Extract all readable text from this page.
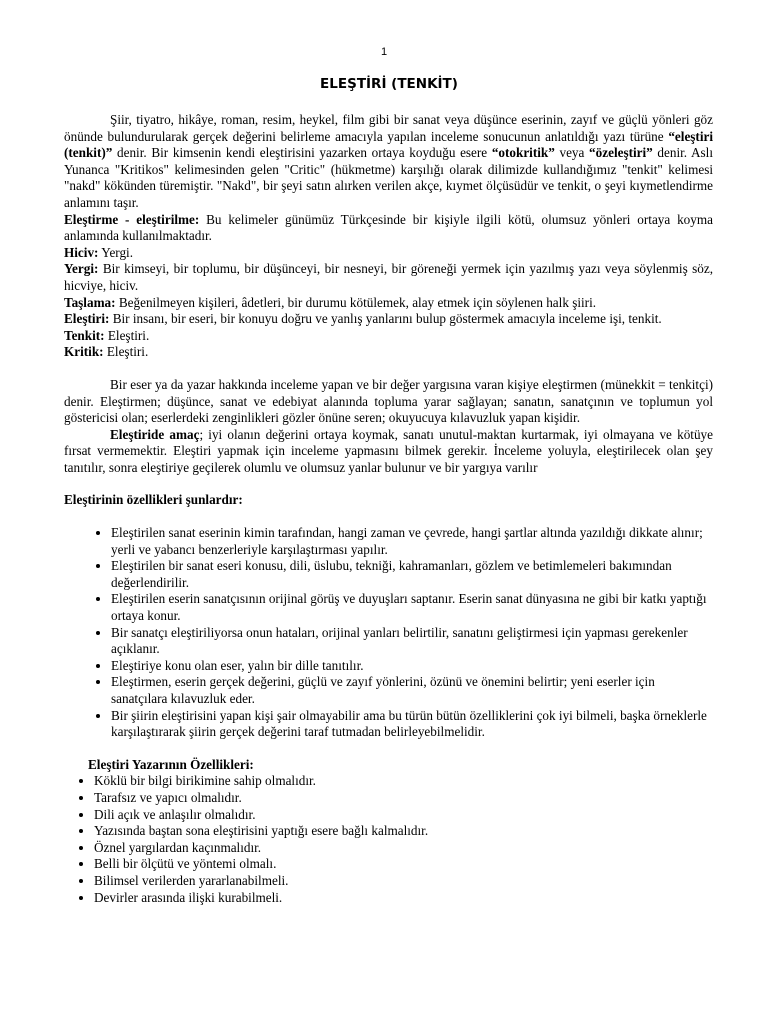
1
ELEŞTİRİ (TENKİT)

Şiir, tiyatro, hikâye, roman, resim, heykel, film gibi bir sanat veya düşünce eserinin, zayıf ve güçlü yönleri göz önünde bulundurularak gerçek değerini belirleme amacıyla yapılan inceleme sonucunun anlatıldığı yazı türüne “eleştiri (tenkit)” denir. Bir kimsenin kendi eleştirisini yazarken ortaya koyduğu esere “otokritik” veya “özeleştiri” denir. Aslı Yunanca "Kritikos" kelimesinden gelen "Critic" (hükmetme) karşılığı olarak dilimizde kullandığımız "tenkit" kelimesi "nakd" kökünden türemiştir. "Nakd", bir şeyi satın alırken verilen akçe, kıymet ölçüsüdür ve tenkit, o şeyi kıymetlendirme anlamını taşır.

Eleştirme - eleştirilme: Bu kelimeler günümüz Türkçesinde bir kişiyle ilgili kötü, olumsuz yönleri ortaya koyma anlamında kullanılmaktadır.

Hiciv: Yergi.

Yergi: Bir kimseyi, bir toplumu, bir düşünceyi, bir nesneyi, bir göreneği yermek için yazılmış yazı veya söylenmiş söz, hicviye, hiciv.

Taşlama: Beğenilmeyen kişileri, âdetleri, bir durumu kötülemek, alay etmek için söylenen halk şiiri.

Eleştiri: Bir insanı, bir eseri, bir konuyu doğru ve yanlış yanlarını bulup göstermek amacıyla inceleme işi, tenkit.

Tenkit: Eleştiri.

Kritik: Eleştiri.

Bir eser ya da yazar hakkında inceleme yapan ve bir değer yargısına varan kişiye eleştirmen (münekkit = tenkitçi) denir. Eleştirmen; düşünce, sanat ve edebiyat alanında topluma yarar sağlayan; sanatın, sanatçının ve toplumun yol göstericisi olan; eserlerdeki zenginlikleri gözler önüne seren; okuyucuya kılavuzluk yapan kişidir.

Eleştiride amaç; iyi olanın değerini ortaya koymak, sanatı unutul-maktan kurtarmak, iyi olmayana ve kötüye fırsat vermemektir. Eleştiri yapmak için inceleme yapmasını bilmek gerekir. İnceleme yoluyla, eleştirilecek olan şey tanıtılır, sonra eleştiriye geçilerek olumlu ve olumsuz yanlar bulunur ve bir yargıya varılır

Eleştirinin özellikleri şunlardır:

• Eleştirilen sanat eserinin kimin tarafından, hangi zaman ve çevrede, hangi şartlar altında yazıldığı dikkate alınır; yerli ve yabancı benzerleriyle karşılaştırması yapılır.
• Eleştirilen bir sanat eseri konusu, dili, üslubu, tekniği, kahramanları, gözlem ve betimlemeleri bakımından değerlendirilir.
• Eleştirilen eserin sanatçısının orijinal görüş ve duyuşları saptanır. Eserin sanat dünyasına ne gibi bir katkı yaptığı ortaya konur.
• Bir sanatçı eleştiriliyorsa onun hataları, orijinal yanları belirtilir, sanatını geliştirmesi için yapması gerekenler açıklanır.
• Eleştiriye konu olan eser, yalın bir dille tanıtılır.
• Eleştirmen, eserin gerçek değerini, güçlü ve zayıf yönlerini, özünü ve önemini belirtir; yeni eserler için sanatçılara kılavuzluk eder.
• Bir şiirin eleştirisini yapan kişi şair olmayabilir ama bu türün bütün özelliklerini çok iyi bilmeli, başka örneklerle karşılaştırarak şiirin gerçek değerini taraf tutmadan belirleyebilmelidir.

Eleştiri Yazarının Özellikleri:

• Köklü bir bilgi birikimine sahip olmalıdır.
• Tarafsız ve yapıcı olmalıdır.
• Dili açık ve anlaşılır olmalıdır.
• Yazısında baştan sona eleştirisini yaptığı esere bağlı kalmalıdır.
• Öznel yargılardan kaçınmalıdır.
• Belli bir ölçütü ve yöntemi olmalı.
• Bilimsel verilerden yararlanabilmeli.
• Devirler arasında ilişki kurabilmeli.
